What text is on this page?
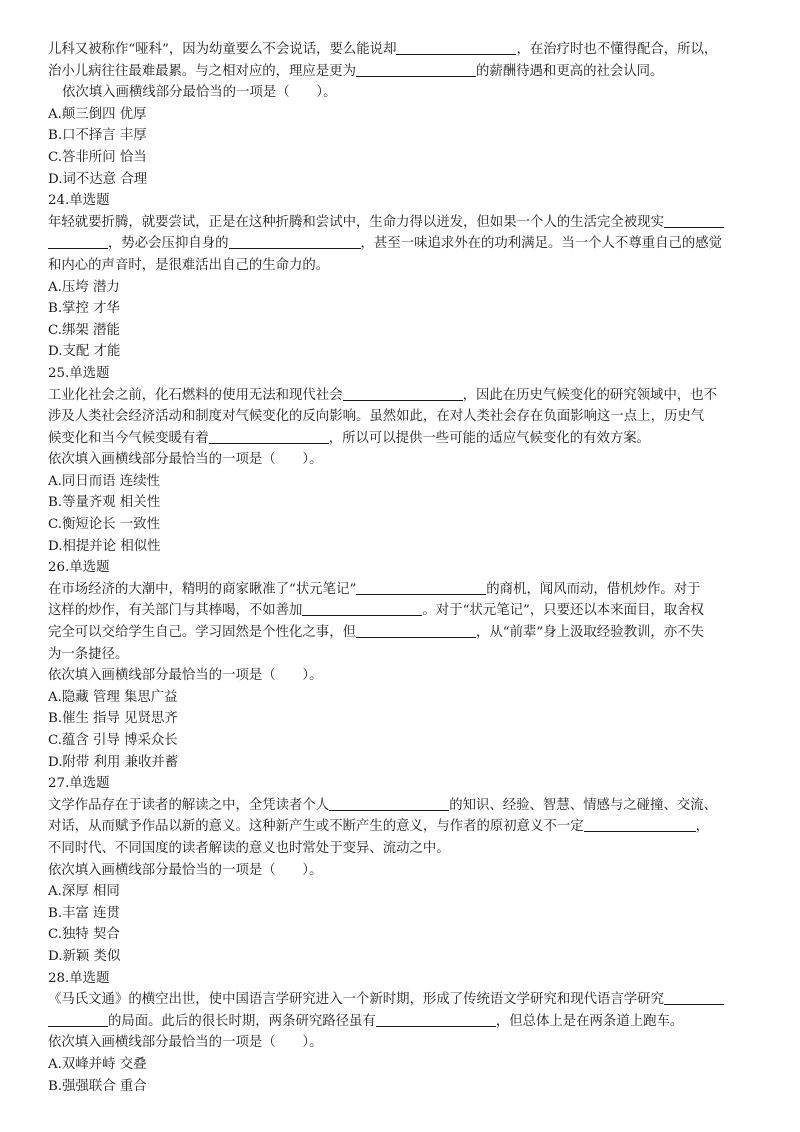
儿科又被称作“哑科”，因为幼童要么不会说话，要么能说却	，在治疗时也不懂得配合，所以，
治小儿病往往最难最累。与之相对应的，理应是更为	的薪酬待遇和更高的社会认同。
依次填入画横线部分最恰当的一项是（　　）。
A.颠三倒四 优厚
B.口不择言 丰厚
C.答非所问 恰当
D.词不达意 合理
24.单选题
年轻就要折腾，就要尝试，正是在这种折腾和尝试中，生命力得以迸发，但如果一个人的生活完全被现实
，势必会压抑自身的	，甚至一味追求外在的功利满足。当一个人不尊重自己的感觉
和内心的声音时，是很难活出自己的生命力的。
A.压垮 潜力
B.掌控 才华
C.绑架 潜能
D.支配 才能
25.单选题
工业化社会之前，化石燃料的使用无法和现代社会	，因此在历史气候变化的研究领域中，也不
涉及人类社会经济活动和制度对气候变化的反向影响。虽然如此，在对人类社会存在负面影响这一点上，历史气
候变化和当今气候变暖有着	，所以可以提供一些可能的适应气候变化的有效方案。
依次填入画横线部分最恰当的一项是（　　）。
A.同日而语 连续性
B.等量齐观 相关性
C.衡短论长 一致性
D.相提并论 相似性
26.单选题
在市场经济的大潮中，精明的商家瞅准了“状元笔记”	的商机，闻风而动，借机炒作。对于
这样的炒作，有关部门与其棒喝，不如善加	。对于“状元笔记”，只要还以本来面目，取舍权
完全可以交给学生自己。学习固然是个性化之事，但	，从“前辈”身上汲取经验教训，亦不失
为一条捷径。
依次填入画横线部分最恰当的一项是（　　）。
A.隐藏 管理 集思广益
B.催生 指导 见贤思齐
C.蕴含 引导 博采众长
D.附带 利用 兼收并蓄
27.单选题
文学作品存在于读者的解读之中，全凭读者个人	的知识、经验、智慧、情感与之碰撞、交流、
对话，从而赋予作品以新的意义。这种新产生或不断产生的意义，与作者的原初意义不一定	，
不同时代、不同国度的读者解读的意义也时常处于变异、流动之中。
依次填入画横线部分最恰当的一项是（　　）。
A.深厚 相同
B.丰富 连贯
C.独特 契合
D.新颖 类似
28.单选题
《马氏文通》的横空出世，使中国语言学研究进入一个新时期，形成了传统语文学研究和现代语言学研究
的局面。此后的很长时期，两条研究路径虽有	，但总体上是在两条道上跑车。
依次填入画横线部分最恰当的一项是（　　）。
A.双峰并峙 交叠
B.强强联合 重合
